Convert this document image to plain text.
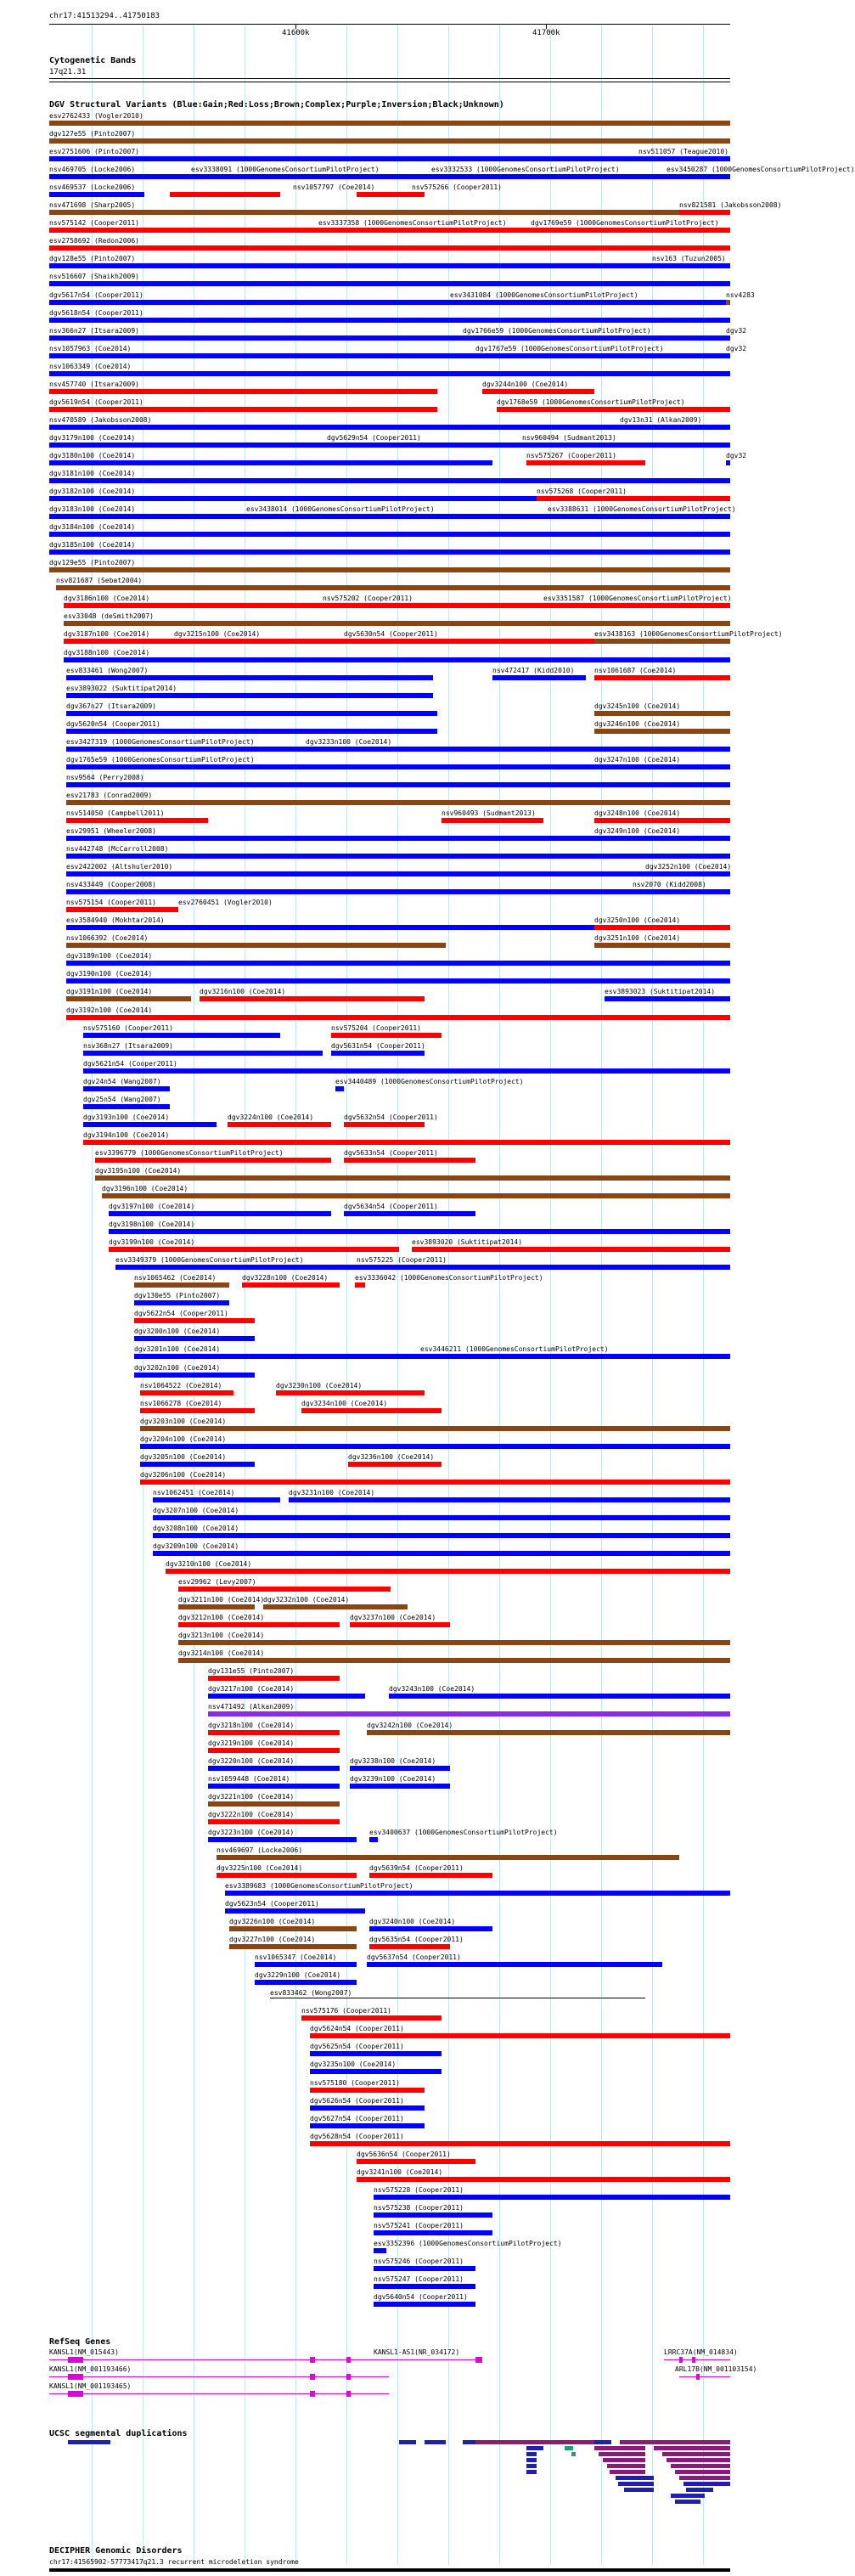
chr17:41513294..41750183
41600k	41700k
Cytogenetic Bands
17q21.31
DGV Structural Variants (Blue:Gain;Red:Loss;Brown;Complex;Purple;Inversion;Black;Unknown)
esv2762433 (Vogler2010)
dgv127e55 (Pinto2007)
esv2751606 (Pinto2007)	nsv511057 (Teague2010)
nsv469705 (Locke2006)	esv3338091 (1000GenomesConsortiumPilotProject)	esv3332533 (1000GenomesConsortiumPilotProject)	esv3450287 (1000GenomesConsortiumPilotProject)
nsv469537 (Locke2006)	nsv1057797 (Coe2014)	nsv575266 (Cooper2011)
nsv471698 (Sharp2005)	nsv821581 (Jakobsson2008)
nsv575142 (Cooper2011)	esv3337358 (1000GenomesConsortiumPilotProject)	dgv1769e59 (1000GenomesConsortiumPilotProject)
esv2758692 (Redon2006)
dgv128e55 (Pinto2007)	nsv163 (Tuzun2005)
nsv516607 (Shaikh2009)
dgv5617n54 (Cooper2011)	esv3431084 (1000GenomesConsortiumPilotProject)	nsv4283
dgv5618n54 (Cooper2011)
nsv366n27 (Itsara2009)	dgv1766e59 (1000GenomesConsortiumPilotProject)	dgv32
nsv1057963 (Coe2014)	dgv1767e59 (1000GenomesConsortiumPilotProject)	dgv32
nsv1063349 (Coe2014)
nsv457740 (Itsara2009)	dgv3244n100 (Coe2014)
dgv5619n54 (Cooper2011)	dgv1768e59 (1000GenomesConsortiumPilotProject)
nsv470589 (Jakobsson2008)	dgv13n31 (Alkan2009)
dgv3179n100 (Coe2014)	dgv5629n54 (Cooper2011)	nsv960494 (Sudmant2013)
dgv3180n100 (Coe2014)	nsv575267 (Cooper2011)	dgv32
dgv3181n100 (Coe2014)
dgv3182n100 (Coe2014)	nsv575268 (Cooper2011)
dgv3183n100 (Coe2014)	esv3438014 (1000GenomesConsortiumPilotProject)	esv3388631 (1000GenomesConsortiumPilotProject)
dgv3184n100 (Coe2014)
dgv3185n100 (Coe2014)
dgv129e55 (Pinto2007)
nsv821687 (Sebat2004)
dgv3186n100 (Coe2014)	nsv575202 (Cooper2011)	esv3351587 (1000GenomesConsortiumPilotProject)
esv33048 (deSmith2007)
dgv3187n100 (Coe2014)	dgv3215n100 (Coe2014)	dgv5630n54 (Cooper2011)	esv3438163 (1000GenomesConsortiumPilotProject)
dgv3188n100 (Coe2014)
esv833461 (Wong2007)	nsv472417 (Kidd2010)	nsv1061687 (Coe2014)
esv3893022 (Suktitipat2014)
dgv367n27 (Itsara2009)	dgv3245n100 (Coe2014)
dgv5620n54 (Cooper2011)	dgv3246n100 (Coe2014)
esv3427319 (1000GenomesConsortiumPilotProject)	dgv3233n100 (Coe2014)
dgv1765e59 (1000GenomesConsortiumPilotProject)	dgv3247n100 (Coe2014)
nsv9564 (Perry2008)
esv21783 (Conrad2009)
nsv514050 (Campbell2011)	nsv960493 (Sudmant2013)	dgv3248n100 (Coe2014)
esv29951 (Wheeler2008)	dgv3249n100 (Coe2014)
nsv442748 (McCarroll2008)
esv2422002 (Altshuler2010)	dgv3252n100 (Coe2014)
nsv433449 (Cooper2008)	nsv2070 (Kidd2008)
nsv575154 (Cooper2011)	esv2760451 (Vogler2010)
esv3584940 (Mokhtar2014)	dgv3250n100 (Coe2014)
nsv1066392 (Coe2014)	dgv3251n100 (Coe2014)
dgv3189n100 (Coe2014)
dgv3190n100 (Coe2014)
dgv3191n100 (Coe2014)	dgv3216n100 (Coe2014)	esv3893023 (Suktitipat2014)
dgv3192n100 (Coe2014)
nsv575160 (Cooper2011)	nsv575204 (Cooper2011)
nsv368n27 (Itsara2009)	dgv5631n54 (Cooper2011)
dgv5621n54 (Cooper2011)
dgv24n54 (Wang2007)	esv3440489 (1000GenomesConsortiumPilotProject)
dgv25n54 (Wang2007)
dgv3193n100 (Coe2014)	dgv3224n100 (Coe2014)	dgv5632n54 (Cooper2011)
dgv3194n100 (Coe2014)
esv3396779 (1000GenomesConsortiumPilotProject)	dgv5633n54 (Cooper2011)
dgv3195n100 (Coe2014)
dgv3196n100 (Coe2014)
dgv3197n100 (Coe2014)	dgv5634n54 (Cooper2011)
dgv3198n100 (Coe2014)
dgv3199n100 (Coe2014)	esv3893020 (Suktitipat2014)
esv3349379 (1000GenomesConsortiumPilotProject)	nsv575225 (Cooper2011)
nsv1065462 (Coe2014)	dgv3228n100 (Coe2014)	esv3336042 (1000GenomesConsortiumPilotProject)
dgv130e55 (Pinto2007)
dgv5622n54 (Cooper2011)
dgv3200n100 (Coe2014)
dgv3201n100 (Coe2014)	esv3446211 (1000GenomesConsortiumPilotProject)
dgv3202n100 (Coe2014)
nsv1064522 (Coe2014)	dgv3230n100 (Coe2014)
nsv1066278 (Coe2014)	dgv3234n100 (Coe2014)
dgv3203n100 (Coe2014)
dgv3204n100 (Coe2014)
dgv3205n100 (Coe2014)	dgv3236n100 (Coe2014)
dgv3206n100 (Coe2014)
nsv1062451 (Coe2014)	dgv3231n100 (Coe2014)
dgv3207n100 (Coe2014)
dgv3208n100 (Coe2014)
dgv3209n100 (Coe2014)
dgv3210n100 (Coe2014)
esv29962 (Levy2007)
dgv3211n100 (Coe2014)
dgv3232n100 (Coe2014)
dgv3212n100 (Coe2014)	dgv3237n100 (Coe2014)
dgv3213n100 (Coe2014)
dgv3214n100 (Coe2014)
dgv131e55 (Pinto2007)
dgv3217n100 (Coe2014)	dgv3243n100 (Coe2014)
nsv471492 (Alkan2009)
dgv3218n100 (Coe2014)	dgv3242n100 (Coe2014)
dgv3219n100 (Coe2014)
dgv3220n100 (Coe2014)	dgv3238n100 (Coe2014)
nsv1059448 (Coe2014)	dgv3239n100 (Coe2014)
dgv3221n100 (Coe2014)
dgv3222n100 (Coe2014)
dgv3223n100 (Coe2014)	esv3400637 (1000GenomesConsortiumPilotProject)
nsv469697 (Locke2006)
dgv3225n100 (Coe2014)	dgv5639n54 (Cooper2011)
esv3389683 (1000GenomesConsortiumPilotProject)
dgv5623n54 (Cooper2011)
dgv3226n100 (Coe2014)	dgv3240n100 (Coe2014)
dgv3227n100 (Coe2014)	dgv5635n54 (Cooper2011)
nsv1065347 (Coe2014)	dgv5637n54 (Cooper2011)
dgv3229n100 (Coe2014)
esv833462 (Wong2007)
nsv575176 (Cooper2011)
dgv5624n54 (Cooper2011)
dgv5625n54 (Cooper2011)
dgv3235n100 (Coe2014)
nsv575180 (Cooper2011)
dgv5626n54 (Cooper2011)
dgv5627n54 (Cooper2011)
dgv5628n54 (Cooper2011)
dgv5636n54 (Cooper2011)
dgv3241n100 (Coe2014)
nsv575228 (Cooper2011)
nsv575238 (Cooper2011)
nsv575241 (Cooper2011)
esv3352396 (1000GenomesConsortiumPilotProject)
nsv575246 (Cooper2011)
nsv575247 (Cooper2011)
dgv5640n54 (Cooper2011)
RefSeq Genes
KANSL1(NM_015443)	KANSL1-AS1(NR_034172)	LRRC37A(NM_014834)
KANSL1(NM_001193466)	ARL17B(NM_001103154)
KANSL1(NM_001193465)
UCSC segmental duplications
DECIPHER Genomic Disorders
chr17:41565902-57773417q21.3 recurrent microdeletion syndrome
